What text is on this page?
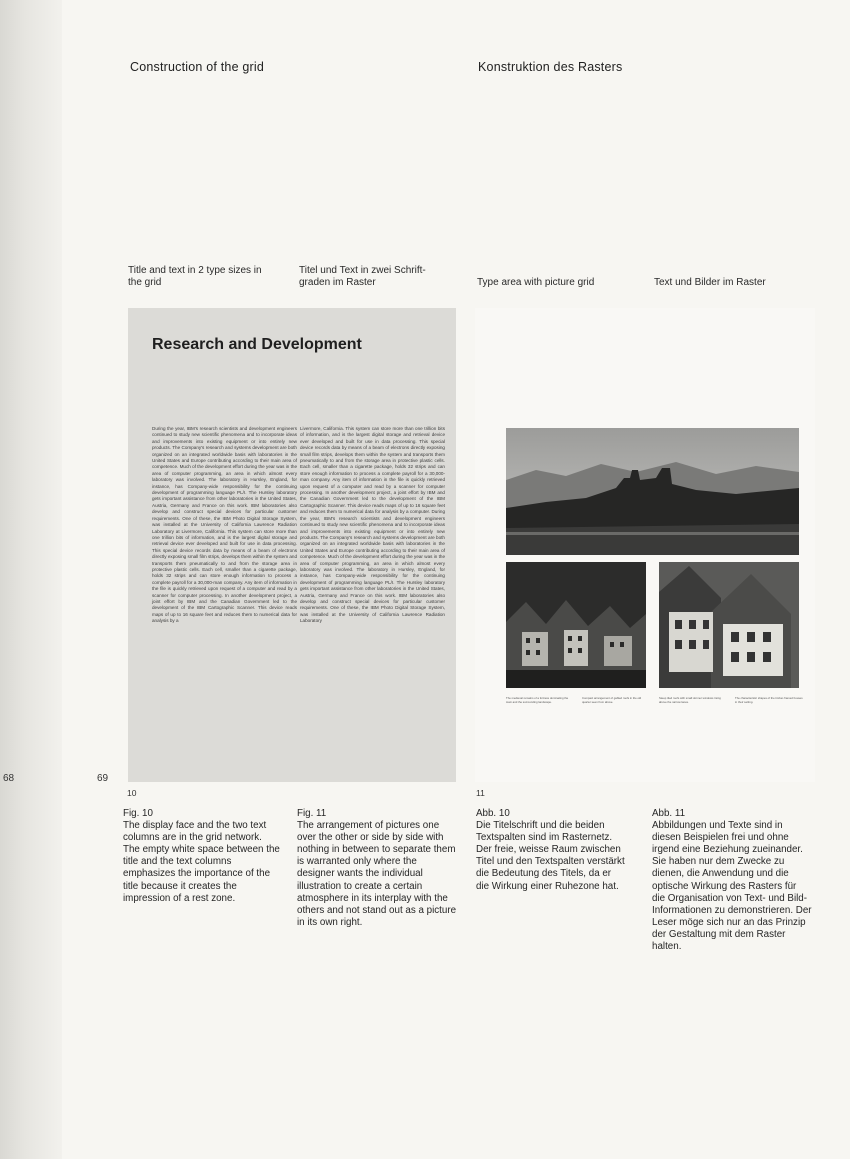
68	69
Construction of the grid	Konstruktion des Rasters
Title and text in 2 type sizes in the grid
Titel und Text in zwei Schrift-graden im Raster	Type area with picture grid	Text und Bilder im Raster
Research and Development
During the year, IBM's research scientists and development engineers continued to study new scientific phenomena and to incorporate ideas and improvements into existing equipment or into entirely new products. The Company's research and systems development are both organized on an integrated worldwide basis with laboratories in the United States and Europe contributing according to their main area of competence. Much of the development effort during the year was in the area of computer programming, an area in which almost every laboratory was involved. The laboratory in Hursley, England, for instance, has Company-wide responsibility for the continuing development of programming language PL/I. The Hursley laboratory gets important assistance from other laboratories in the United States, Austria, Germany and France on this work. IBM laboratories also develop and construct special devices for particular customer requirements. One of these, the IBM Photo Digital Storage System, was installed at the University of California Lawrence Radiation Laboratory at Livermore, California. This system can store more than one trillion bits of information, and is the largest digital storage and retrieval device ever developed and built for use in data processing. This special device records data by means of a beam of electrons directly exposing small film strips, develops them within the system and transports them pneumatically to and from the storage area in protective plastic cells. Each cell, smaller than a cigarette package, holds 32 strips and can store enough information to process a complete payroll for a 30,000-man company. Any item of information in the file is quickly retrieved upon request of a computer and read by a scanner for computer processing. In another development project, a joint effort by IBM and the Canadian Government led to the development of the IBM Cartographic Scanner. This device reads maps of up to 16 square feet and reduces them to numerical data for analysis by a
Livermore, California. This system can store more than one trillion bits of information, and is the largest digital storage and retrieval device ever developed and built for use in data processing. This special device records data by means of a beam of electrons directly exposing small film strips, develops them within the system and transports them pneumatically to and from the storage area in protective plastic cells. Each cell, smaller than a cigarette package, holds 32 strips and can store enough information to process a complete payroll for a 30,000-man company. Any item of information in the file is quickly retrieved upon request of a computer and read by a scanner for computer processing. In another development project, a joint effort by IBM and the Canadian Government led to the development of the IBM Cartographic Scanner. This device reads maps of up to 16 square feet and reduces them to numerical data for analysis by a computer. During the year, IBM's research scientists and development engineers continued to study new scientific phenomena and to incorporate ideas and improvements into existing equipment or into entirely new products. The Company's research and systems development are both organized on an integrated worldwide basis with laboratories in the United States and Europe contributing according to their main area of competence. Much of the development effort during the year was in the area of computer programming, an area in which almost every laboratory was involved. The laboratory in Hursley, England, for instance, has Company-wide responsibility for the continuing development of programming language PL/I. The Hursley laboratory gets important assistance from other laboratories in the United States, Austria, Germany and France on this work. IBM laboratories also develop and construct special devices for particular customer requirements. One of these, the IBM Photo Digital Storage System, was installed at the University of California Lawrence Radiation Laboratory
10
The medieval remains of a fortress dominating the town and the surrounding landscape.
Compact arrangement of gabled roofs in the old quarter seen from above.
Steep tiled roofs with small dormer windows rising above the narrow lanes.
The characteristic shapes of the timber-framed houses in their setting.
11
Fig. 10
The display face and the two text columns are in the grid network. The empty white space between the title and the text columns emphasizes the importance of the title because it creates the impression of a rest zone.
Fig. 11
The arrangement of pictures one over the other or side by side with nothing in between to separate them is warranted only where the designer wants the individual illustration to create a certain atmosphere in its interplay with the others and not stand out as a picture in its own right.
Abb. 10
Die Titelschrift und die beiden Textspalten sind im Rasternetz. Der freie, weisse Raum zwischen Titel und den Textspalten verstärkt die Bedeutung des Titels, da er die Wirkung einer Ruhezone hat.
Abb. 11
Abbildungen und Texte sind in diesen Beispielen frei und ohne irgend eine Beziehung zueinander. Sie haben nur dem Zwecke zu dienen, die Anwendung und die optische Wirkung des Rasters für die Organisation von Text- und Bild-Informationen zu demonstrieren. Der Leser möge sich nur an das Prinzip der Gestaltung mit dem Raster halten.
